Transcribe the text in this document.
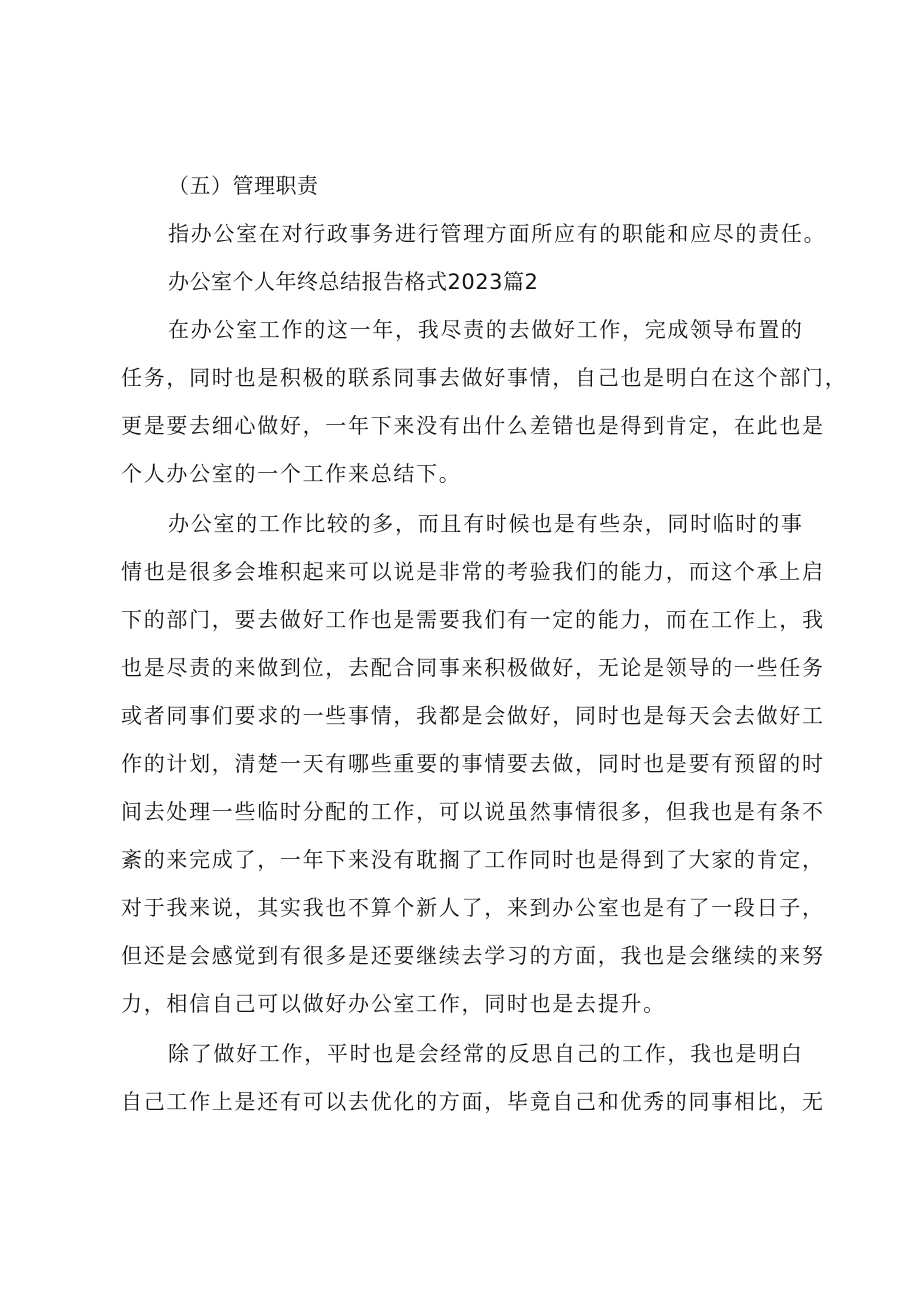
（五）管理职责
指办公室在对行政事务进行管理方面所应有的职能和应尽的责任。
办公室个人年终总结报告格式2023篇2
在办公室工作的这一年，我尽责的去做好工作，完成领导布置的
任务，同时也是积极的联系同事去做好事情，自己也是明白在这个部门，
更是要去细心做好，一年下来没有出什么差错也是得到肯定，在此也是
个人办公室的一个工作来总结下。
办公室的工作比较的多，而且有时候也是有些杂，同时临时的事
情也是很多会堆积起来可以说是非常的考验我们的能力，而这个承上启
下的部门，要去做好工作也是需要我们有一定的能力，而在工作上，我
也是尽责的来做到位，去配合同事来积极做好，无论是领导的一些任务
或者同事们要求的一些事情，我都是会做好，同时也是每天会去做好工
作的计划，清楚一天有哪些重要的事情要去做，同时也是要有预留的时
间去处理一些临时分配的工作，可以说虽然事情很多，但我也是有条不
紊的来完成了，一年下来没有耽搁了工作同时也是得到了大家的肯定，
对于我来说，其实我也不算个新人了，来到办公室也是有了一段日子，
但还是会感觉到有很多是还要继续去学习的方面，我也是会继续的来努
力，相信自己可以做好办公室工作，同时也是去提升。
除了做好工作，平时也是会经常的反思自己的工作，我也是明白
自己工作上是还有可以去优化的方面，毕竟自己和优秀的同事相比，无
